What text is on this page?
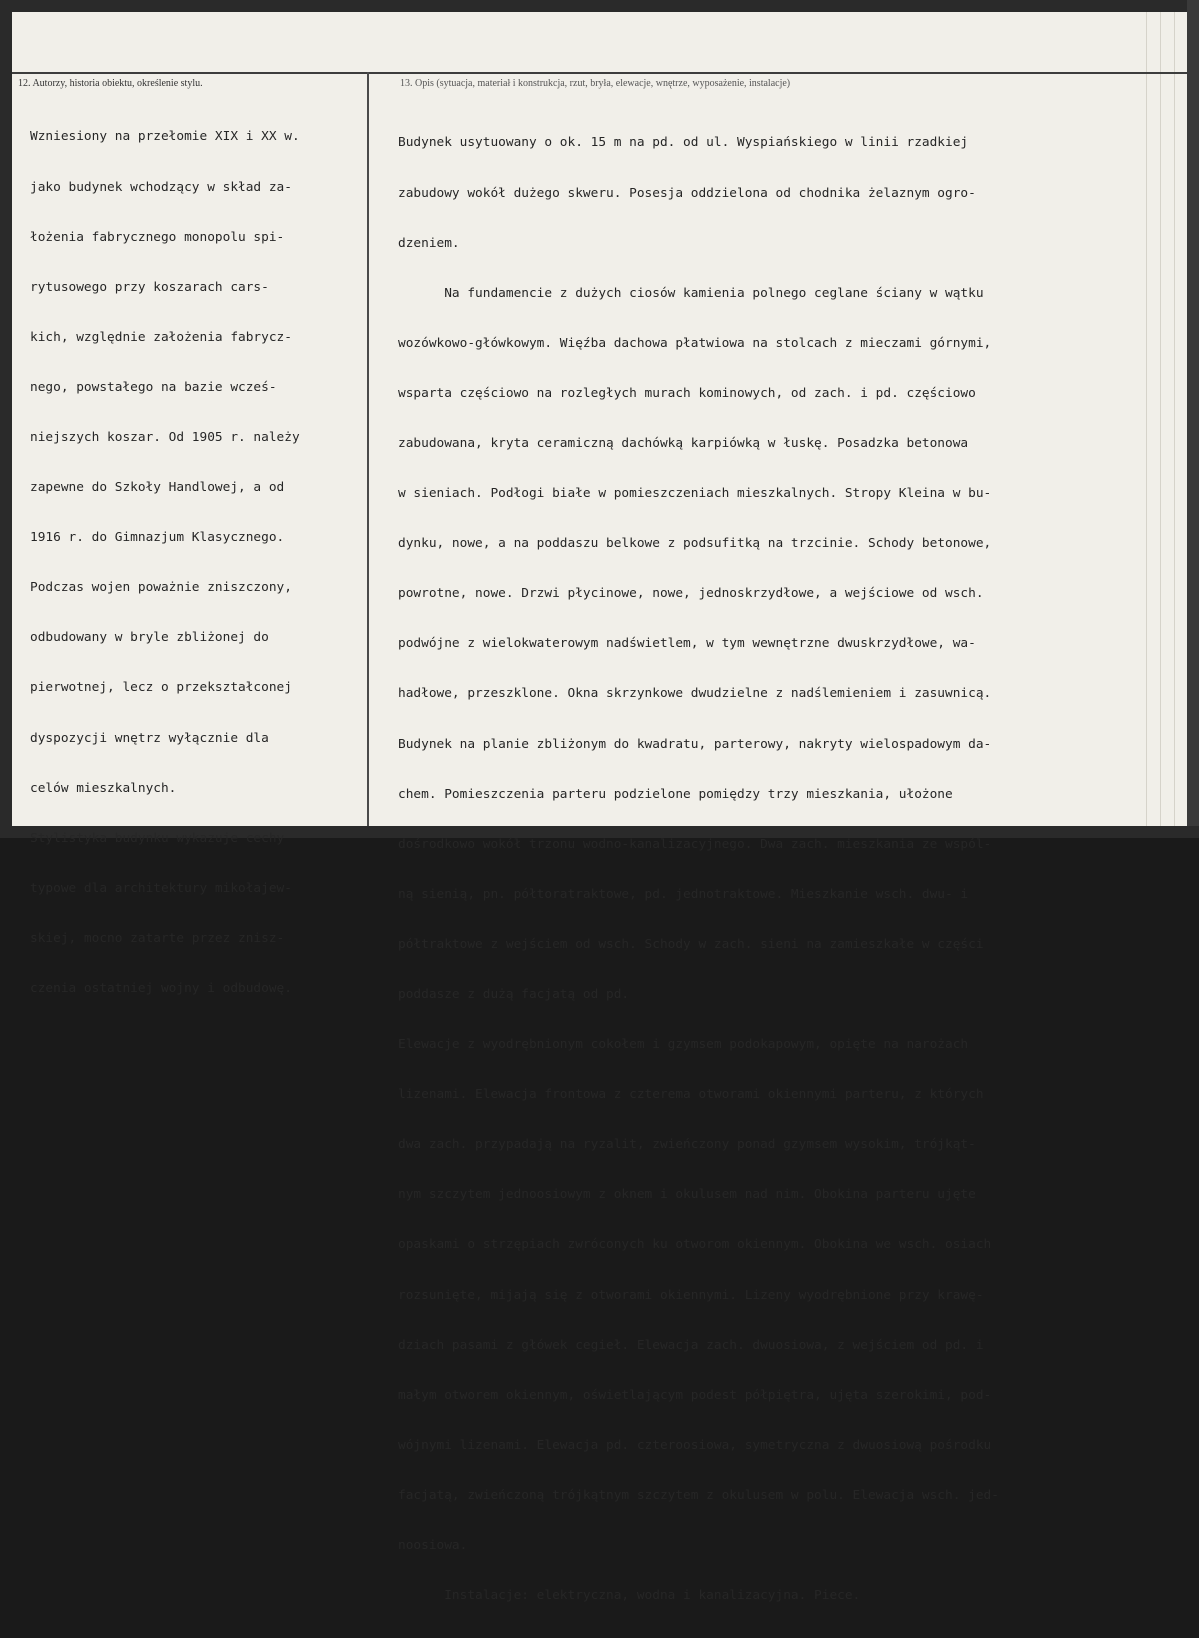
12. Autorzy, historia obiektu, określenie stylu.	13. Opis (sytuacja, materiał i konstrukcja, rzut, bryła, elewacje, wnętrze, wyposażenie, instalacje)

Wzniesiony na przełomie XIX i XX w.

jako budynek wchodzący w skład za-

łożenia fabrycznego monopolu spi-

rytusowego przy koszarach cars-

kich, względnie założenia fabrycz-

nego, powstałego na bazie wcześ-

niejszych koszar. Od 1905 r. należy

zapewne do Szkoły Handlowej, a od

1916 r. do Gimnazjum Klasycznego.

Podczas wojen poważnie zniszczony,

odbudowany w bryle zbliżonej do

pierwotnej, lecz o przekształconej

dyspozycji wnętrz wyłącznie dla

celów mieszkalnych.

Stylistyka budynku wykazuje cechy

typowe dla architektury mikołajew-

skiej, mocno zatarte przez znisz-

czenia ostatniej wojny i odbudowę.

Budynek usytuowany o ok. 15 m na pd. od ul. Wyspiańskiego w linii rzadkiej

zabudowy wokół dużego skweru. Posesja oddzielona od chodnika żelaznym ogro-

dzeniem.

Na fundamencie z dużych ciosów kamienia polnego ceglane ściany w wątku

wozówkowo-główkowym. Więźba dachowa płatwiowa na stolcach z mieczami górnymi,

wsparta częściowo na rozległych murach kominowych, od zach. i pd. częściowo

zabudowana, kryta ceramiczną dachówką karpiówką w łuskę. Posadzka betonowa

w sieniach. Podłogi białe w pomieszczeniach mieszkalnych. Stropy Kleina w bu-

dynku, nowe, a na poddaszu belkowe z podsufitką na trzcinie. Schody betonowe,

powrotne, nowe. Drzwi płycinowe, nowe, jednoskrzydłowe, a wejściowe od wsch.

podwójne z wielokwaterowym nadświetlem, w tym wewnętrzne dwuskrzydłowe, wa-

hadłowe, przeszklone. Okna skrzynkowe dwudzielne z nadślemieniem i zasuwnicą.

Budynek na planie zbliżonym do kwadratu, parterowy, nakryty wielospadowym da-

chem. Pomieszczenia parteru podzielone pomiędzy trzy mieszkania, ułożone

dośrodkowo wokół trzonu wodno-kanalizacyjnego. Dwa zach. mieszkania ze wspól-

ną sienią, pn. półtoratraktowe, pd. jednotraktowe. Mieszkanie wsch. dwu- i

półtraktowe z wejściem od wsch. Schody w zach. sieni na zamieszkałe w części

poddasze z dużą facjatą od pd.

Elewacje z wyodrębnionym cokołem i gzymsem podokapowym, opięte na narożach

lizenami. Elewacja frontowa z czterema otworami okiennymi parteru, z których

dwa zach. przypadają na ryzalit, zwieńczony ponad gzymsem wysokim, trójkąt-

nym szczytem jednoosiowym z oknem i okulusem nad nim. Obokina parteru ujęte

opaskami o strzępiach zwróconych ku otworom okiennym. Obokina we wsch. osiach

rozsunięte, mijają się z otworami okiennymi. Lizeny wyodrębnione przy krawę-

dziach pasami z główek cegieł. Elewacja zach. dwuosiowa, z wejściem od pd. i

małym otworem okiennym, oświetlającym podest półpiętra, ujęta szerokimi, pod-

wójnymi lizenami. Elewacja pd. czteroosiowa, symetryczna z dwuosiową pośrodku

facjatą, zwieńczoną trójkątnym szczytem z okulusem w polu. Elewacja wsch. jed-

noosiowa.

Instalacje: elektryczna, wodna i kanalizacyjna. Piece.
